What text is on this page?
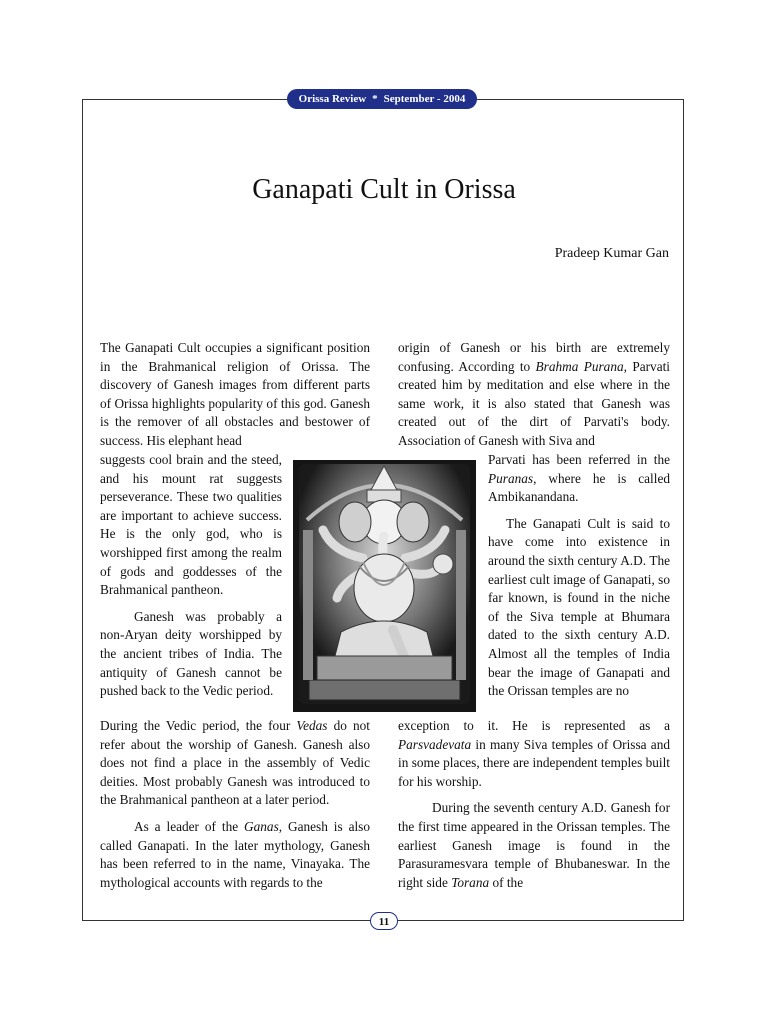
Orissa Review * September - 2004
Ganapati Cult in Orissa
Pradeep Kumar Gan

The Ganapati Cult occupies a significant position in the Brahmanical religion of Orissa. The discovery of Ganesh images from different parts of Orissa highlights popularity of this god. Ganesh is the remover of all obstacles and bestower of success. His elephant head

suggests cool brain and the steed, and his mount rat suggests perseverance. These two qualities are important to achieve success. He is the only god, who is worshipped first among the realm of gods and goddesses of the Brahmanical pantheon.

Ganesh was probably a non-Aryan deity worshipped by the ancient tribes of India. The antiquity of Ganesh cannot be pushed back to the Vedic period.

During the Vedic period, the four Vedas do not refer about the worship of Ganesh. Ganesh also does not find a place in the assembly of Vedic deities. Most probably Ganesh was introduced to the Brahmanical pantheon at a later period.

As a leader of the Ganas, Ganesh is also called Ganapati. In the later mythology, Ganesh has been referred to in the name, Vinayaka. The mythological accounts with regards to the

origin of Ganesh or his birth are extremely confusing. According to Brahma Purana, Parvati created him by meditation and else where in the same work, it is also stated that Ganesh was created out of the dirt of Parvati's body. Association of Ganesh with Siva and

Parvati has been referred in the Puranas, where he is called Ambikanandana.

The Ganapati Cult is said to have come into existence in around the sixth century A.D. The earliest cult image of Ganapati, so far known, is found in the niche of the Siva temple at Bhumara dated to the sixth century A.D. Almost all the temples of India bear the image of Ganapati and the Orissan temples are no

exception to it. He is represented as a Parsvadevata in many Siva temples of Orissa and in some places, there are independent temples built for his worship.

During the seventh century A.D. Ganesh for the first time appeared in the Orissan temples. The earliest Ganesh image is found in the Parasuramesvara temple of Bhubaneswar. In the right side Torana of the

11
